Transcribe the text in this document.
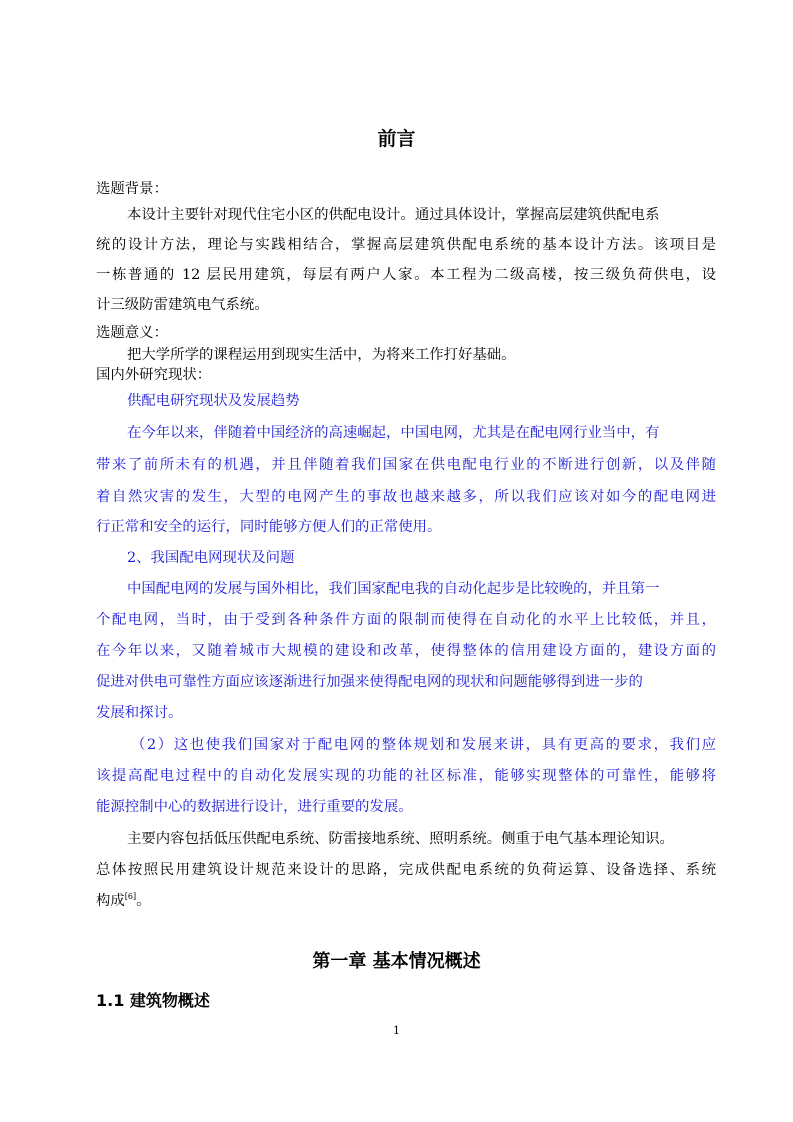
前言
选题背景：
本设计主要针对现代住宅小区的供配电设计。通过具体设计，掌握高层建筑供配电系
统的设计方法，理论与实践相结合，掌握高层建筑供配电系统的基本设计方法。该项目是
一栋普通的 12 层民用建筑，每层有两户人家。本工程为二级高楼，按三级负荷供电，设
计三级防雷建筑电气系统。
选题意义：
把大学所学的课程运用到现实生活中，为将来工作打好基础。
国内外研究现状：
供配电研究现状及发展趋势
在今年以来，伴随着中国经济的高速崛起，中国电网，尤其是在配电网行业当中，有
带来了前所未有的机遇，并且伴随着我们国家在供电配电行业的不断进行创新，以及伴随
着自然灾害的发生，大型的电网产生的事故也越来越多，所以我们应该对如今的配电网进
行正常和安全的运行，同时能够方便人们的正常使用。
2、我国配电网现状及问题
中国配电网的发展与国外相比，我们国家配电我的自动化起步是比较晚的，并且第一
个配电网，当时，由于受到各种条件方面的限制而使得在自动化的水平上比较低，并且，
在今年以来，又随着城市大规模的建设和改革，使得整体的信用建设方面的，建设方面的
促进对供电可靠性方面应该逐渐进行加强来使得配电网的现状和问题能够得到进一步的
发展和探讨。
（2）这也使我们国家对于配电网的整体规划和发展来讲，具有更高的要求，我们应
该提高配电过程中的自动化发展实现的功能的社区标准，能够实现整体的可靠性，能够将
能源控制中心的数据进行设计，进行重要的发展。
主要内容包括低压供配电系统、防雷接地系统、照明系统。侧重于电气基本理论知识。
总体按照民用建筑设计规范来设计的思路，完成供配电系统的负荷运算、设备选择、系统
构成[6]。
第一章 基本情况概述
1.1 建筑物概述
1
